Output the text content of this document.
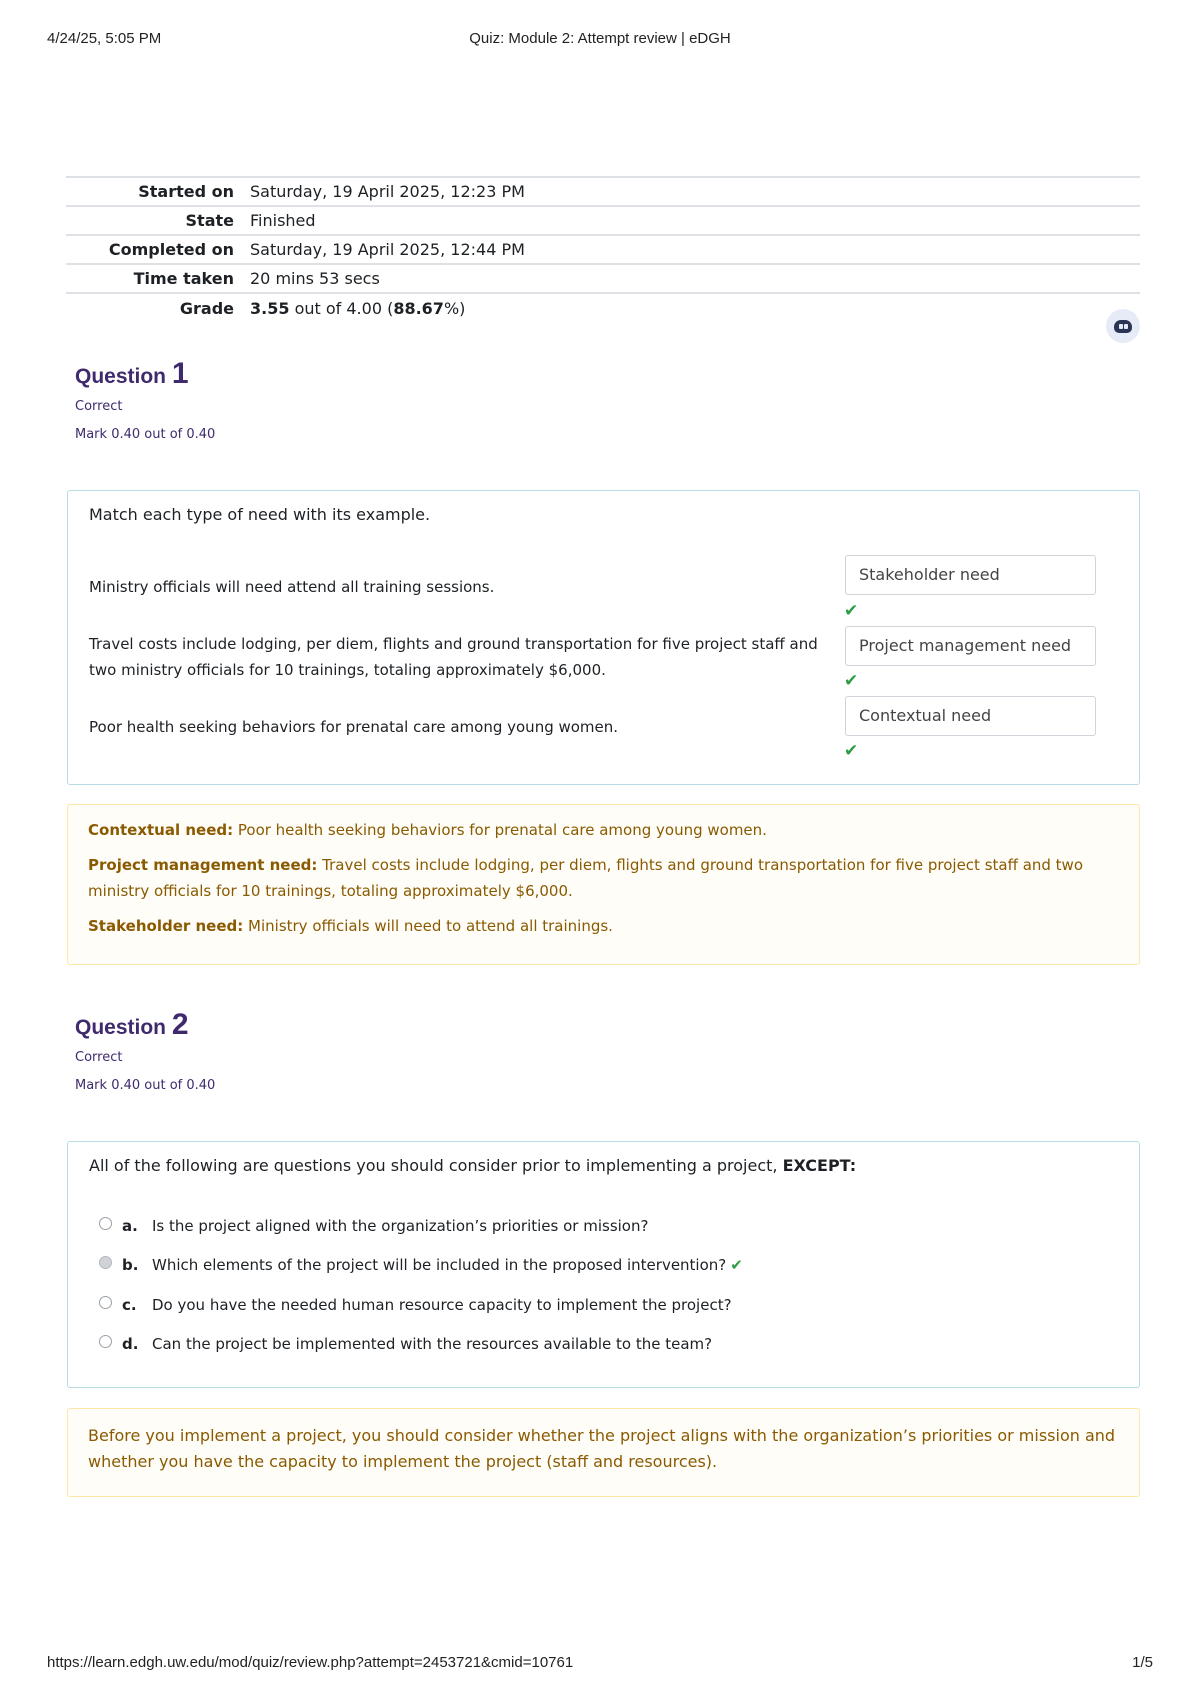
4/24/25, 5:05 PM	Quiz: Module 2: Attempt review | eDGH
Started on	Saturday, 19 April 2025, 12:23 PM
State	Finished
Completed on	Saturday, 19 April 2025, 12:44 PM
Time taken	20 mins 53 secs
Grade	3.55 out of 4.00 (88.67%)
Question 1
Correct
Mark 0.40 out of 0.40
Match each type of need with its example.
Ministry officials will need attend all training sessions.
Stakeholder need
✔
Travel costs include lodging, per diem, flights and ground transportation for five project staff and two ministry officials for 10 trainings, totaling approximately $6,000.
Project management need
✔
Poor health seeking behaviors for prenatal care among young women.
Contextual need
✔
Contextual need: Poor health seeking behaviors for prenatal care among young women.
Project management need: Travel costs include lodging, per diem, flights and ground transportation for five project staff and two ministry officials for 10 trainings, totaling approximately $6,000.
Stakeholder need: Ministry officials will need to attend all trainings.
Question 2
Correct
Mark 0.40 out of 0.40
All of the following are questions you should consider prior to implementing a project, EXCEPT:
a. Is the project aligned with the organization’s priorities or mission?
b. Which elements of the project will be included in the proposed intervention? ✔
c. Do you have the needed human resource capacity to implement the project?
d. Can the project be implemented with the resources available to the team?
Before you implement a project, you should consider whether the project aligns with the organization’s priorities or mission and whether you have the capacity to implement the project (staff and resources).
https://learn.edgh.uw.edu/mod/quiz/review.php?attempt=2453721&cmid=10761	1/5
